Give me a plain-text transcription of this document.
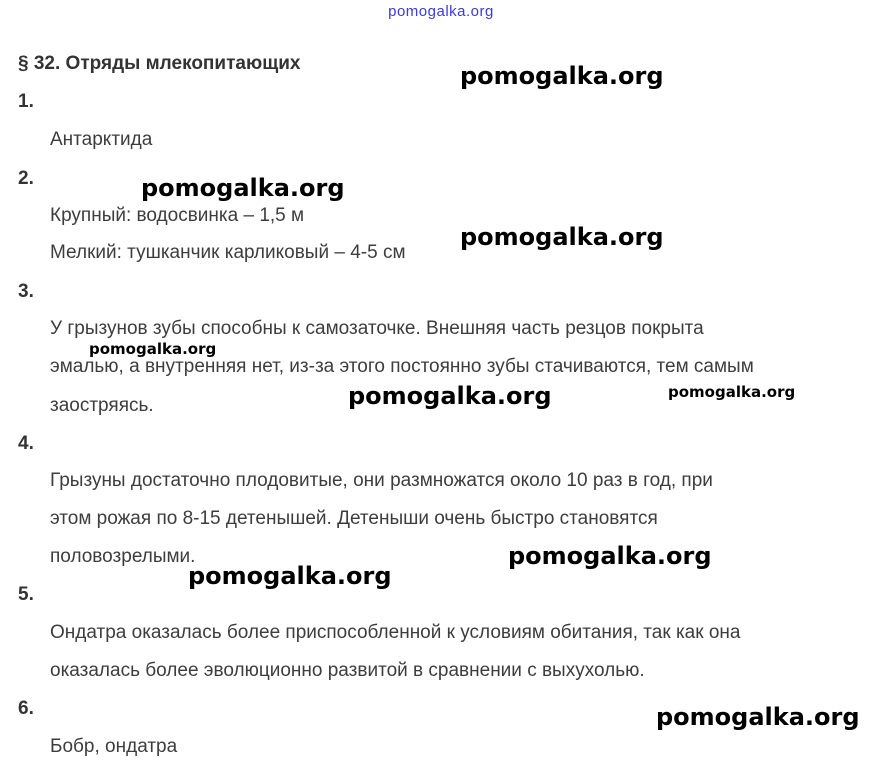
pomogalka.org
§ 32. Отряды млекопитающих
1.
Антарктида
2.
Крупный: водосвинка – 1,5 м
Мелкий: тушканчик карликовый – 4-5 см
3.
У грызунов зубы способны к самозаточке. Внешняя часть резцов покрыта
эмалью, а внутренняя нет, из-за этого постоянно зубы стачиваются, тем самым
заостряясь.
4.
Грызуны достаточно плодовитые, они размножатся около 10 раз в год, при
этом рожая по 8-15 детенышей. Детеныши очень быстро становятся
половозрелыми.
5.
Ондатра оказалась более приспособленной к условиям обитания, так как она
оказалась более эволюционно развитой в сравнении с выхухолью.
6.
Бобр, ондатра
pomogalka.org
pomogalka.org
pomogalka.org
pomogalka.org
pomogalka.org	pomogalka.org
pomogalka.org
pomogalka.org
pomogalka.org
